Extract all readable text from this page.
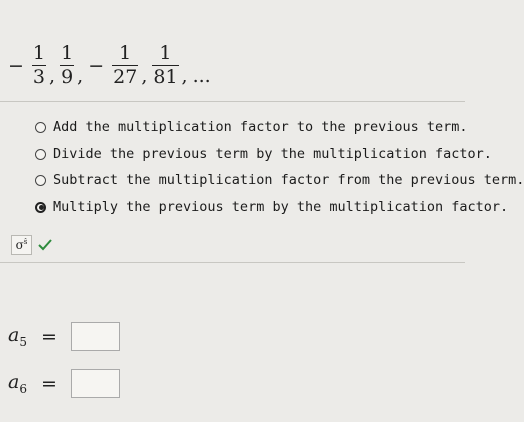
− $\frac{1}{3}$ , $\frac{1}{9}$ , − $\frac{1}{27}$ , $\frac{1}{81}$ , ...
Add the multiplication factor to the previous term.
Divide the previous term by the multiplication factor.
Subtract the multiplication factor from the previous term.
Multiply the previous term by the multiplication factor.
$\sigma^ŝ$
$a_5$ =
$a_6$ =
